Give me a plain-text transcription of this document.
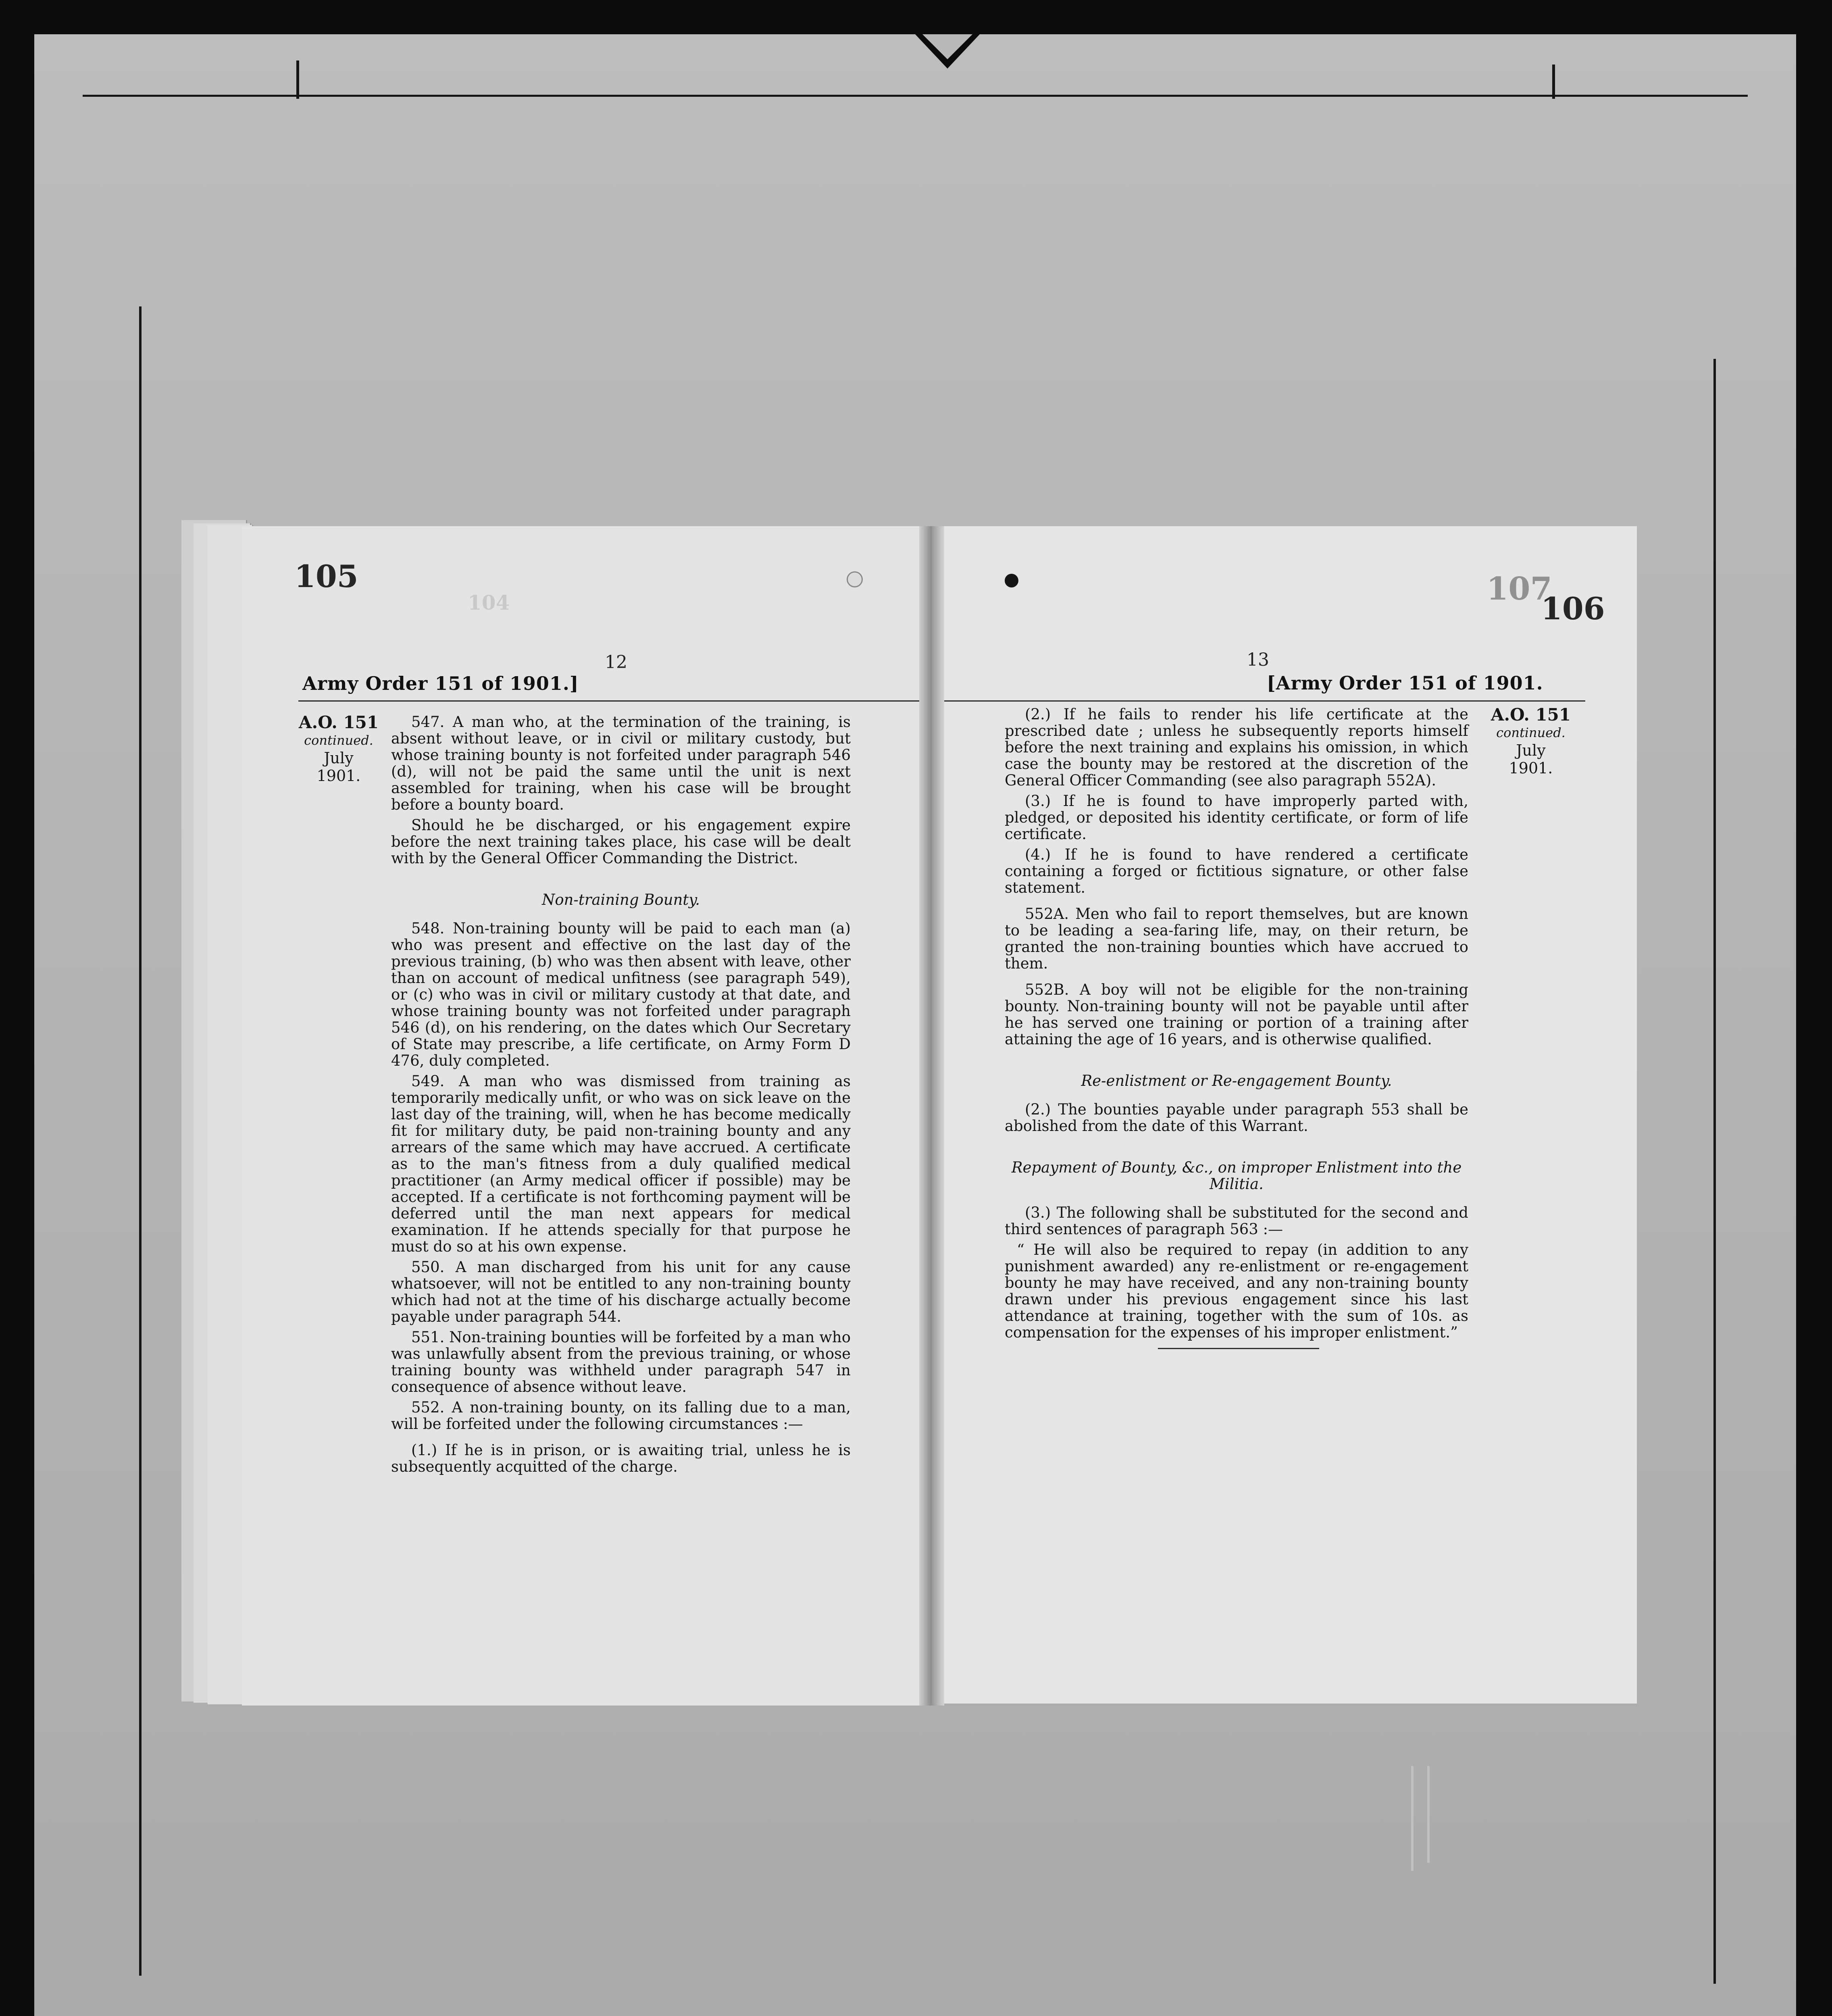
105
104
12
Army Order 151 of 1901.]
A.O. 151
continued.
July
1901.

547. A man who, at the termination of the training, is absent without leave, or in civil or military custody, but whose training bounty is not forfeited under paragraph 546 (d), will not be paid the same until the unit is next assembled for training, when his case will be brought before a bounty board.

Should he be discharged, or his engagement expire before the next training takes place, his case will be dealt with by the General Officer Commanding the District.

Non-training Bounty.

548. Non-training bounty will be paid to each man (a) who was present and effective on the last day of the previous training, (b) who was then absent with leave, other than on account of medical unfitness (see paragraph 549), or (c) who was in civil or military custody at that date, and whose training bounty was not forfeited under paragraph 546 (d), on his rendering, on the dates which Our Secretary of State may prescribe, a life certificate, on Army Form D 476, duly completed.

549. A man who was dismissed from training as temporarily medically unfit, or who was on sick leave on the last day of the training, will, when he has become medically fit for military duty, be paid non-training bounty and any arrears of the same which may have accrued. A certificate as to the man's fitness from a duly qualified medical practitioner (an Army medical officer if possible) may be accepted. If a certificate is not forthcoming payment will be deferred until the man next appears for medical examination. If he attends specially for that purpose he must do so at his own expense.

550. A man discharged from his unit for any cause whatsoever, will not be entitled to any non-training bounty which had not at the time of his discharge actually become payable under paragraph 544.

551. Non-training bounties will be forfeited by a man who was unlawfully absent from the previous training, or whose training bounty was withheld under paragraph 547 in consequence of absence without leave.

552. A non-training bounty, on its falling due to a man, will be forfeited under the following circumstances :—

(1.) If he is in prison, or is awaiting trial, unless he is subsequently acquitted of the charge.

107
106
13
[Army Order 151 of 1901.

(2.) If he fails to render his life certificate at the prescribed date ; unless he subsequently reports himself before the next training and explains his omission, in which case the bounty may be restored at the discretion of the General Officer Commanding (see also paragraph 552A).

(3.) If he is found to have improperly parted with, pledged, or deposited his identity certificate, or form of life certificate.

(4.) If he is found to have rendered a certificate containing a forged or fictitious signature, or other false statement.

552A. Men who fail to report themselves, but are known to be leading a sea-faring life, may, on their return, be granted the non-training bounties which have accrued to them.

552B. A boy will not be eligible for the non-training bounty. Non-training bounty will not be payable until after he has served one training or portion of a training after attaining the age of 16 years, and is otherwise qualified.

Re-enlistment or Re-engagement Bounty.

(2.) The bounties payable under paragraph 553 shall be abolished from the date of this Warrant.

Repayment of Bounty, &c., on improper Enlistment into the Militia.

(3.) The following shall be substituted for the second and third sentences of paragraph 563 :—

“ He will also be required to repay (in addition to any punishment awarded) any re-enlistment or re-engagement bounty he may have received, and any non-training bounty drawn under his previous engagement since his last attendance at training, together with the sum of 10s. as compensation for the expenses of his improper enlistment.”

A.O. 151
continued.
July
1901.
